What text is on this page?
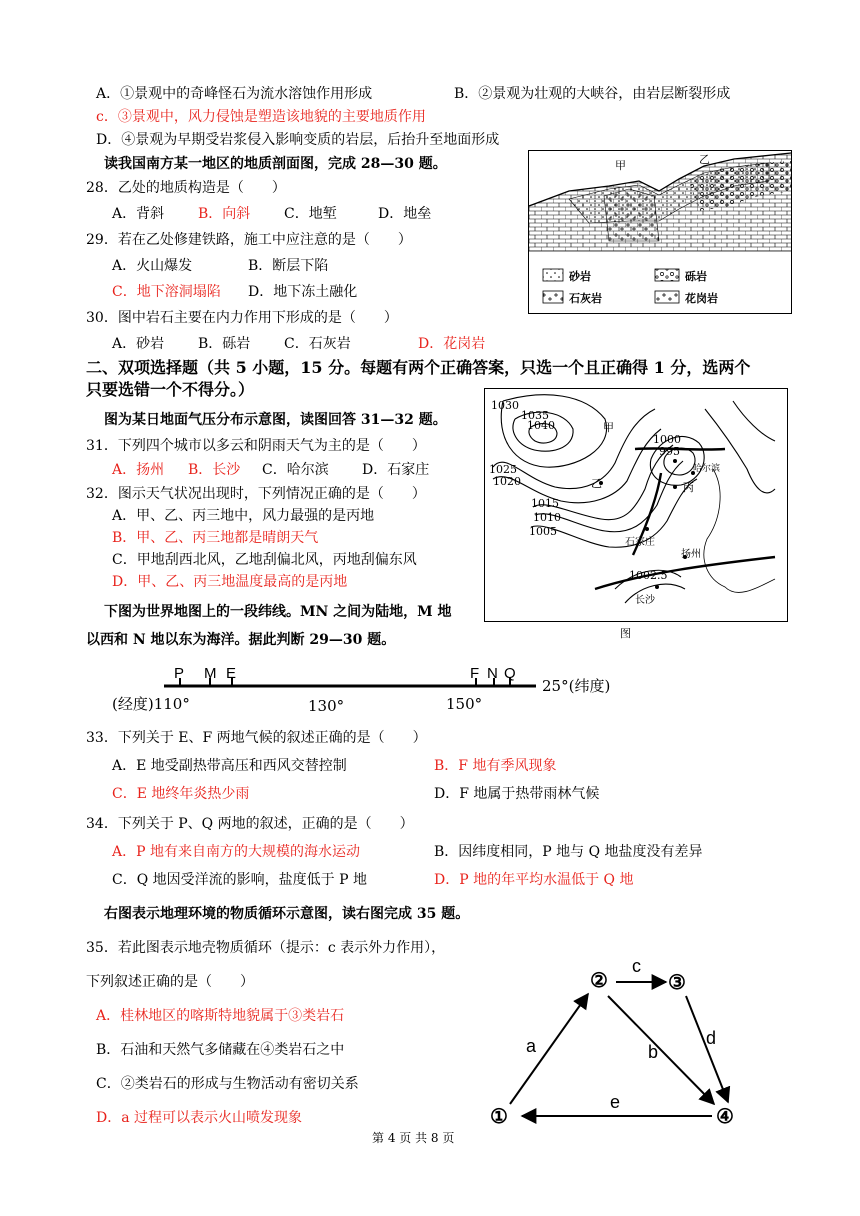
A．①景观中的奇峰怪石为流水溶蚀作用形成	B．②景观为壮观的大峡谷，由岩层断裂形成
c．③景观中，风力侵蚀是塑造该地貌的主要地质作用
D．④景观为早期受岩浆侵入影响变质的岩层，后抬升至地面形成
读我国南方某一地区的地质剖面图，完成 28—30 题。
28．乙处的地质构造是（　　）
A．背斜 B．向斜 C．地堑	D．地垒
29．若在乙处修建铁路，施工中应注意的是（　　）
A．火山爆发	B．断层下陷
C．地下溶洞塌陷 D．地下冻土融化
30．图中岩石主要在内力作用下形成的是（　　）
A．砂岩 B．砾岩 C．石灰岩	D．花岗岩
甲	乙
砂岩	砾岩
石灰岩	花岗岩
二、双项选择题（共 5 小题，15 分。每题有两个正确答案，只选一个且正确得 1 分，选两个
只要选错一个不得分。）
图为某日地面气压分布示意图，读图回答 31—32 题。
31．下列四个城市以多云和阴雨天气为主的是（　　）
A．扬州 B．长沙 C．哈尔滨 D．石家庄
32．图示天气状况出现时，下列情况正确的是（　　）
A．甲、乙、丙三地中，风力最强的是丙地
B．甲、乙、丙三地都是晴朗天气
C．甲地刮西北风，乙地刮偏北风，丙地刮偏东风
D．甲、乙、丙三地温度最高的是丙地
1030
1035
1040
1025
1020
1015
1010
1005
1000
995
1002.5
甲
乙	丙
哈尔滨
石家庄
扬州
长沙
图
下图为世界地图上的一段纬线。MN 之间为陆地，M 地
以西和 N 地以东为海洋。据此判断 29—30 题。
P M E	F N Q
(经度)110°	130°	150°
25°(纬度)
33．下列关于 E、F 两地气候的叙述正确的是（　　）
A．E 地受副热带高压和西风交替控制	B．F 地有季风现象
C．E 地终年炎热少雨	D．F 地属于热带雨林气候
34．下列关于 P、Q 两地的叙述，正确的是（　　）
A．P 地有来自南方的大规模的海水运动	B．因纬度相同，P 地与 Q 地盐度没有差异
C．Q 地因受洋流的影响，盐度低于 P 地	D．P 地的年平均水温低于 Q 地
右图表示地理环境的物质循环示意图，读右图完成 35 题。
35．若此图表示地壳物质循环（提示：c 表示外力作用），
下列叙述正确的是（　　）
A．桂林地区的喀斯特地貌属于③类岩石
B．石油和天然气多储藏在④类岩石之中
C．②类岩石的形成与生物活动有密切关系
D．a 过程可以表示火山喷发现象
②	③
①	④
a	b
c
d
e
第 4 页 共 8 页
